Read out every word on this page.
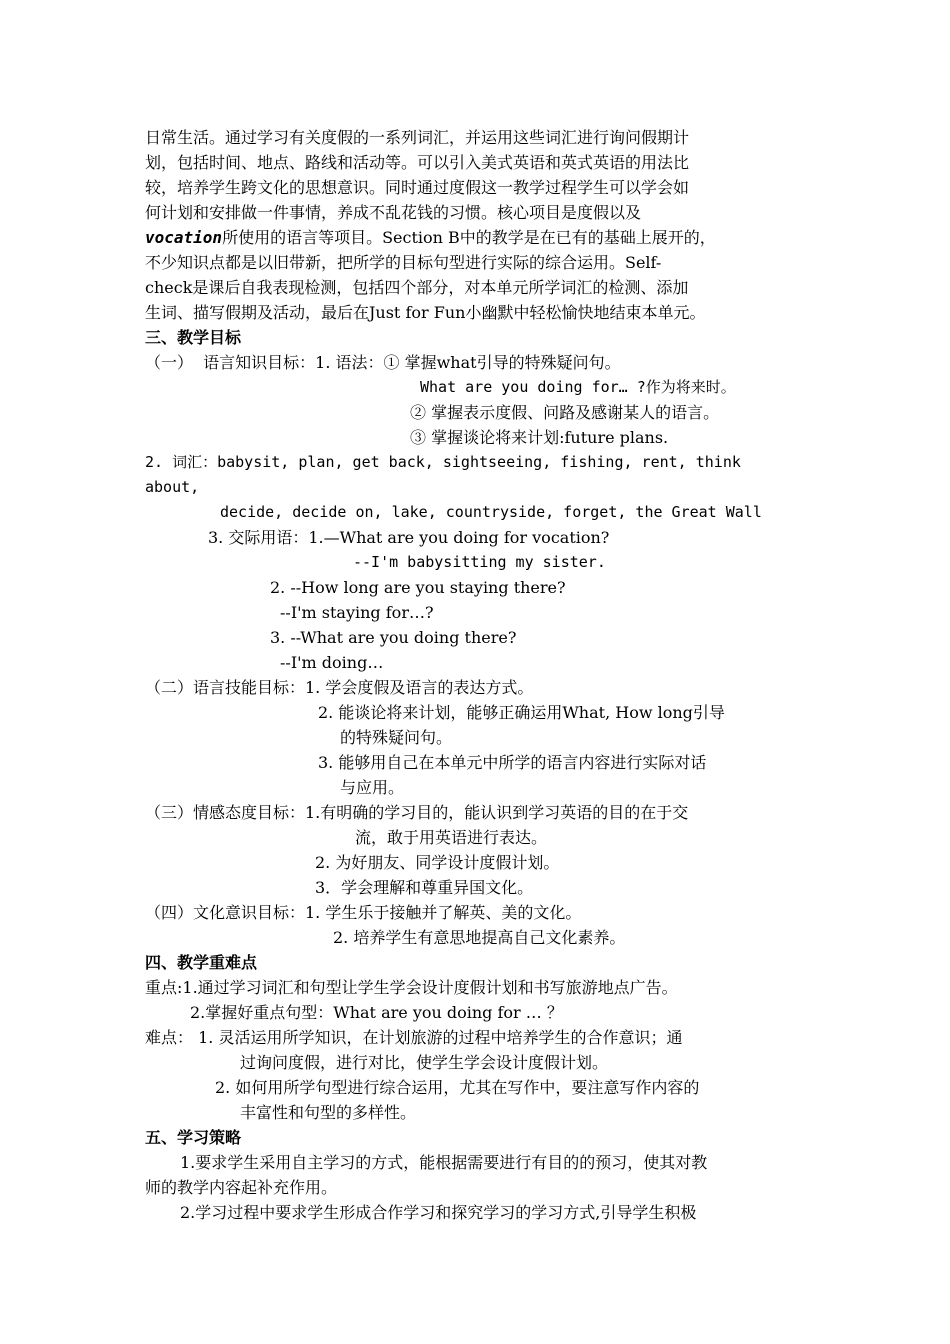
日常生活。通过学习有关度假的一系列词汇，并运用这些词汇进行询问假期计
划，包括时间、地点、路线和活动等。可以引入美式英语和英式英语的用法比
较，培养学生跨文化的思想意识。同时通过度假这一教学过程学生可以学会如
何计划和安排做一件事情，养成不乱花钱的习惯。核心项目是度假以及
vocation所使用的语言等项目。Section B中的教学是在已有的基础上展开的，
不少知识点都是以旧带新，把所学的目标句型进行实际的综合运用。Self-
check是课后自我表现检测，包括四个部分，对本单元所学词汇的检测、添加
生词、描写假期及活动，最后在Just for Fun小幽默中轻松愉快地结束本单元。
三、教学目标
（一）  语言知识目标：1. 语法：① 掌握what引导的特殊疑问句。
What are you doing for… ?作为将来时。
② 掌握表示度假、问路及感谢某人的语言。
③ 掌握谈论将来计划:future plans.
2. 词汇：babysit, plan, get back, sightseeing, fishing, rent, think
about,
decide, decide on, lake, countryside, forget, the Great Wall
3. 交际用语：1.—What are you doing for vocation?
--I'm babysitting my sister.
2. --How long are you staying there?
--I'm staying for…?
3. --What are you doing there?
--I'm doing…
（二）语言技能目标：1. 学会度假及语言的表达方式。
2. 能谈论将来计划，能够正确运用What, How long引导
的特殊疑问句。
3. 能够用自己在本单元中所学的语言内容进行实际对话
与应用。
（三）情感态度目标：1.有明确的学习目的，能认识到学习英语的目的在于交
流，敢于用英语进行表达。
2. 为好朋友、同学设计度假计划。
3．学会理解和尊重异国文化。
（四）文化意识目标：1. 学生乐于接触并了解英、美的文化。
2. 培养学生有意思地提高自己文化素养。
四、教学重难点
重点:1.通过学习词汇和句型让学生学会设计度假计划和书写旅游地点广告。
2.掌握好重点句型：What are you doing for … ？
难点： 1. 灵活运用所学知识，在计划旅游的过程中培养学生的合作意识；通
过询问度假，进行对比，使学生学会设计度假计划。
2. 如何用所学句型进行综合运用，尤其在写作中，要注意写作内容的
丰富性和句型的多样性。
五、学习策略
1.要求学生采用自主学习的方式，能根据需要进行有目的的预习，使其对教
师的教学内容起补充作用。
2.学习过程中要求学生形成合作学习和探究学习的学习方式,引导学生积极
